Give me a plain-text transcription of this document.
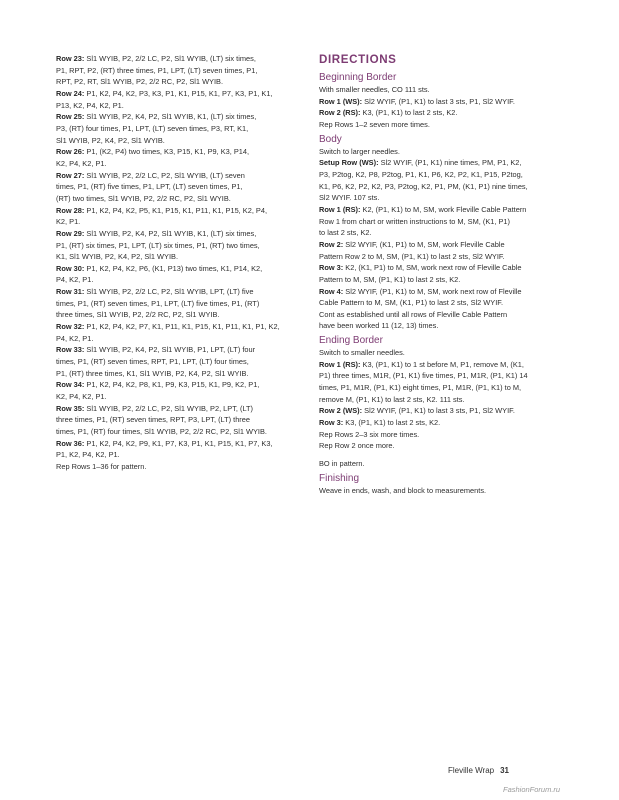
Row 23: Sl1 WYIB, P2, 2/2 LC, P2, Sl1 WYIB, (LT) six times,
P1, RPT, P2, (RT) three times, P1, LPT, (LT) seven times, P1,
RPT, P2, RT, Sl1 WYIB, P2, 2/2 RC, P2, Sl1 WYIB.
Row 24: P1, K2, P4, K2, P3, K3, P1, K1, P15, K1, P7, K3, P1, K1,
P13, K2, P4, K2, P1.
Row 25: Sl1 WYIB, P2, K4, P2, Sl1 WYIB, K1, (LT) six times,
P3, (RT) four times, P1, LPT, (LT) seven times, P3, RT, K1,
Sl1 WYIB, P2, K4, P2, Sl1 WYIB.
Row 26: P1, (K2, P4) two times, K3, P15, K1, P9, K3, P14,
K2, P4, K2, P1.
Row 27: Sl1 WYIB, P2, 2/2 LC, P2, Sl1 WYIB, (LT) seven
times, P1, (RT) five times, P1, LPT, (LT) seven times, P1,
(RT) two times, Sl1 WYIB, P2, 2/2 RC, P2, Sl1 WYIB.
Row 28: P1, K2, P4, K2, P5, K1, P15, K1, P11, K1, P15, K2, P4,
K2, P1.
Row 29: Sl1 WYIB, P2, K4, P2, Sl1 WYIB, K1, (LT) six times,
P1, (RT) six times, P1, LPT, (LT) six times, P1, (RT) two times,
K1, Sl1 WYIB, P2, K4, P2, Sl1 WYIB.
Row 30: P1, K2, P4, K2, P6, (K1, P13) two times, K1, P14, K2,
P4, K2, P1.
Row 31: Sl1 WYIB, P2, 2/2 LC, P2, Sl1 WYIB, LPT, (LT) five
times, P1, (RT) seven times, P1, LPT, (LT) five times, P1, (RT)
three times, Sl1 WYIB, P2, 2/2 RC, P2, Sl1 WYIB.
Row 32: P1, K2, P4, K2, P7, K1, P11, K1, P15, K1, P11, K1, P1, K2,
P4, K2, P1.
Row 33: Sl1 WYIB, P2, K4, P2, Sl1 WYIB, P1, LPT, (LT) four
times, P1, (RT) seven times, RPT, P1, LPT, (LT) four times,
P1, (RT) three times, K1, Sl1 WYIB, P2, K4, P2, Sl1 WYIB.
Row 34: P1, K2, P4, K2, P8, K1, P9, K3, P15, K1, P9, K2, P1,
K2, P4, K2, P1.
Row 35: Sl1 WYIB, P2, 2/2 LC, P2, Sl1 WYIB, P2, LPT, (LT)
three times, P1, (RT) seven times, RPT, P3, LPT, (LT) three
times, P1, (RT) four times, Sl1 WYIB, P2, 2/2 RC, P2, Sl1 WYIB.
Row 36: P1, K2, P4, K2, P9, K1, P7, K3, P1, K1, P15, K1, P7, K3,
P1, K2, P4, K2, P1.
Rep Rows 1–36 for pattern.
DIRECTIONS
Beginning Border
With smaller needles, CO 111 sts.
Row 1 (WS): Sl2 WYIF, (P1, K1) to last 3 sts, P1, Sl2 WYIF.
Row 2 (RS): K3, (P1, K1) to last 2 sts, K2.
Rep Rows 1–2 seven more times.
Body
Switch to larger needles.
Setup Row (WS): Sl2 WYIF, (P1, K1) nine times, PM, P1, K2,
P3, P2tog, K2, P8, P2tog, P1, K1, P6, K2, P2, K1, P15, P2tog,
K1, P6, K2, P2, K2, P3, P2tog, K2, P1, PM, (K1, P1) nine times,
Sl2 WYIF. 107 sts.
Row 1 (RS): K2, (P1, K1) to M, SM, work Fleville Cable Pattern
Row 1 from chart or written instructions to M, SM, (K1, P1)
to last 2 sts, K2.
Row 2: Sl2 WYIF, (K1, P1) to M, SM, work Fleville Cable
Pattern Row 2 to M, SM, (P1, K1) to last 2 sts, Sl2 WYIF.
Row 3: K2, (K1, P1) to M, SM, work next row of Fleville Cable
Pattern to M, SM, (P1, K1) to last 2 sts, K2.
Row 4: Sl2 WYIF, (P1, K1) to M, SM, work next row of Fleville
Cable Pattern to M, SM, (K1, P1) to last 2 sts, Sl2 WYIF.
Cont as established until all rows of Fleville Cable Pattern
have been worked 11 (12, 13) times.
Ending Border
Switch to smaller needles.
Row 1 (RS): K3, (P1, K1) to 1 st before M, P1, remove M, (K1,
P1) three times, M1R, (P1, K1) five times, P1, M1R, (P1, K1) 14
times, P1, M1R, (P1, K1) eight times, P1, M1R, (P1, K1) to M,
remove M, (P1, K1) to last 2 sts, K2. 111 sts.
Row 2 (WS): Sl2 WYIF, (P1, K1) to last 3 sts, P1, Sl2 WYIF.
Row 3: K3, (P1, K1) to last 2 sts, K2.
Rep Rows 2–3 six more times.
Rep Row 2 once more.
BO in pattern.
Finishing
Weave in ends, wash, and block to measurements.
Fleville Wrap 31
FashionForum.ru
